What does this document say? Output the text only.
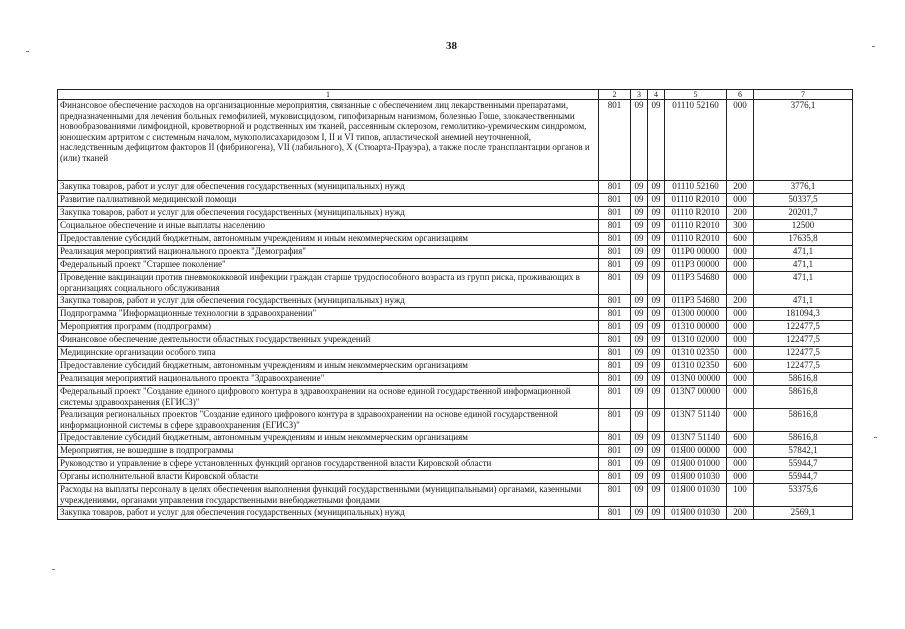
38
1	2	3	4	5	6	7
Финансовое обеспечение расходов на организационные мероприятия, связанные с обеспечением лиц лекарственными препаратами, предназначенными для лечения больных гемофилией, муковисцидозом, гипофизарным нанизмом, болезнью Гоше, злокачественными новообразованиями лимфоидной, кроветворной и родственных им тканей, рассеянным склерозом, гемолитико-уремическим синдромом, юношеским артритом с системным началом, мукополисахаридозом I, II и VI типов, апластической анемией неуточненной, наследственным дефицитом факторов II (фибриногена), VII (лабильного), X (Стюарта-Прауэра), а также после трансплантации органов и (или) тканей	801	09	09	01110 52160	000	3776,1
Закупка товаров, работ и услуг для обеспечения государственных (муниципальных) нужд	801	09	09	01110 52160	200	3776,1
Развитие паллиативной медицинской помощи	801	09	09	01110 R2010	000	50337,5
Закупка товаров, работ и услуг для обеспечения государственных (муниципальных) нужд	801	09	09	01110 R2010	200	20201,7
Социальное обеспечение и иные выплаты населению	801	09	09	01110 R2010	300	12500
Предоставление субсидий бюджетным, автономным учреждениям и иным некоммерческим организациям	801	09	09	01110 R2010	600	17635,8
Реализация мероприятий национального проекта "Демография"	801	09	09	011P0 00000	000	471,1
Федеральный проект "Старшее поколение"	801	09	09	011P3 00000	000	471,1
Проведение вакцинации против пневмококковой инфекции граждан старше трудоспособного возраста из групп риска, проживающих в организациях социального обслуживания	801	09	09	011P3 54680	000	471,1
Закупка товаров, работ и услуг для обеспечения государственных (муниципальных) нужд	801	09	09	011P3 54680	200	471,1
Подпрограмма "Информационные технологии в здравоохранении"	801	09	09	01300 00000	000	181094,3
Мероприятия программ (подпрограмм)	801	09	09	01310 00000	000	122477,5
Финансовое обеспечение деятельности областных государственных учреждений	801	09	09	01310 02000	000	122477,5
Медицинские организации особого типа	801	09	09	01310 02350	000	122477,5
Предоставление субсидий бюджетным, автономным учреждениям и иным некоммерческим организациям	801	09	09	01310 02350	600	122477,5
Реализация мероприятий национального проекта "Здравоохранение"	801	09	09	013N0 00000	000	58616,8
Федеральный проект "Создание единого цифрового контура в здравоохранении на основе единой государственной информационной системы здравоохранения (ЕГИСЗ)"	801	09	09	013N7 00000	000	58616,8
Реализация региональных проектов "Создание единого цифрового контура в здравоохранении на основе единой государственной информационной системы в сфере здравоохранения (ЕГИСЗ)"	801	09	09	013N7 51140	000	58616,8
Предоставление субсидий бюджетным, автономным учреждениям и иным некоммерческим организациям	801	09	09	013N7 51140	600	58616,8
Мероприятия, не вошедшие в подпрограммы	801	09	09	01Я00 00000	000	57842,1
Руководство и управление в сфере установленных функций органов государственной власти Кировской области	801	09	09	01Я00 01000	000	55944,7
Органы исполнительной власти Кировской области	801	09	09	01Я00 01030	000	55944,7
Расходы на выплаты персоналу в целях обеспечения выполнения функций государственными (муниципальными) органами, казенными учреждениями, органами управления государственными внебюджетными фондами	801	09	09	01Я00 01030	100	53375,6
Закупка товаров, работ и услуг для обеспечения государственных (муниципальных) нужд	801	09	09	01Я00 01030	200	2569,1
